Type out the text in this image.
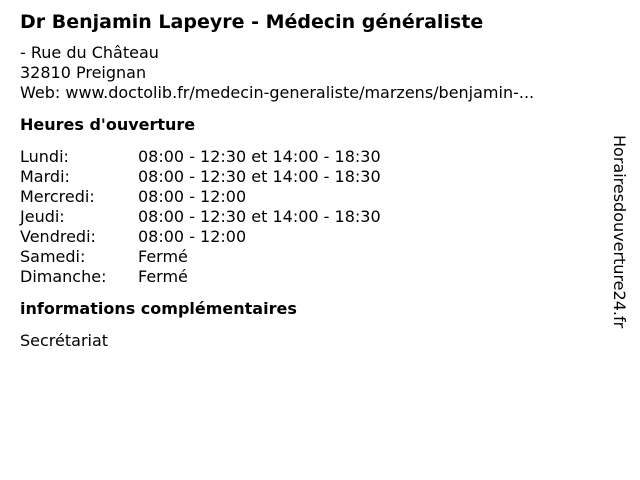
Dr Benjamin Lapeyre - Médecin généraliste
- Rue du Château
32810 Preignan
Web: www.doctolib.fr/medecin-generaliste/marzens/benjamin-...
Heures d'ouverture
Lundi:	08:00 - 12:30 et 14:00 - 18:30
Mardi:	08:00 - 12:30 et 14:00 - 18:30
Mercredi:	08:00 - 12:00
Jeudi:	08:00 - 12:30 et 14:00 - 18:30
Vendredi:	08:00 - 12:00
Samedi:	Fermé
Dimanche:	Fermé
informations complémentaires
Secrétariat
Horairesdouverture24.fr
